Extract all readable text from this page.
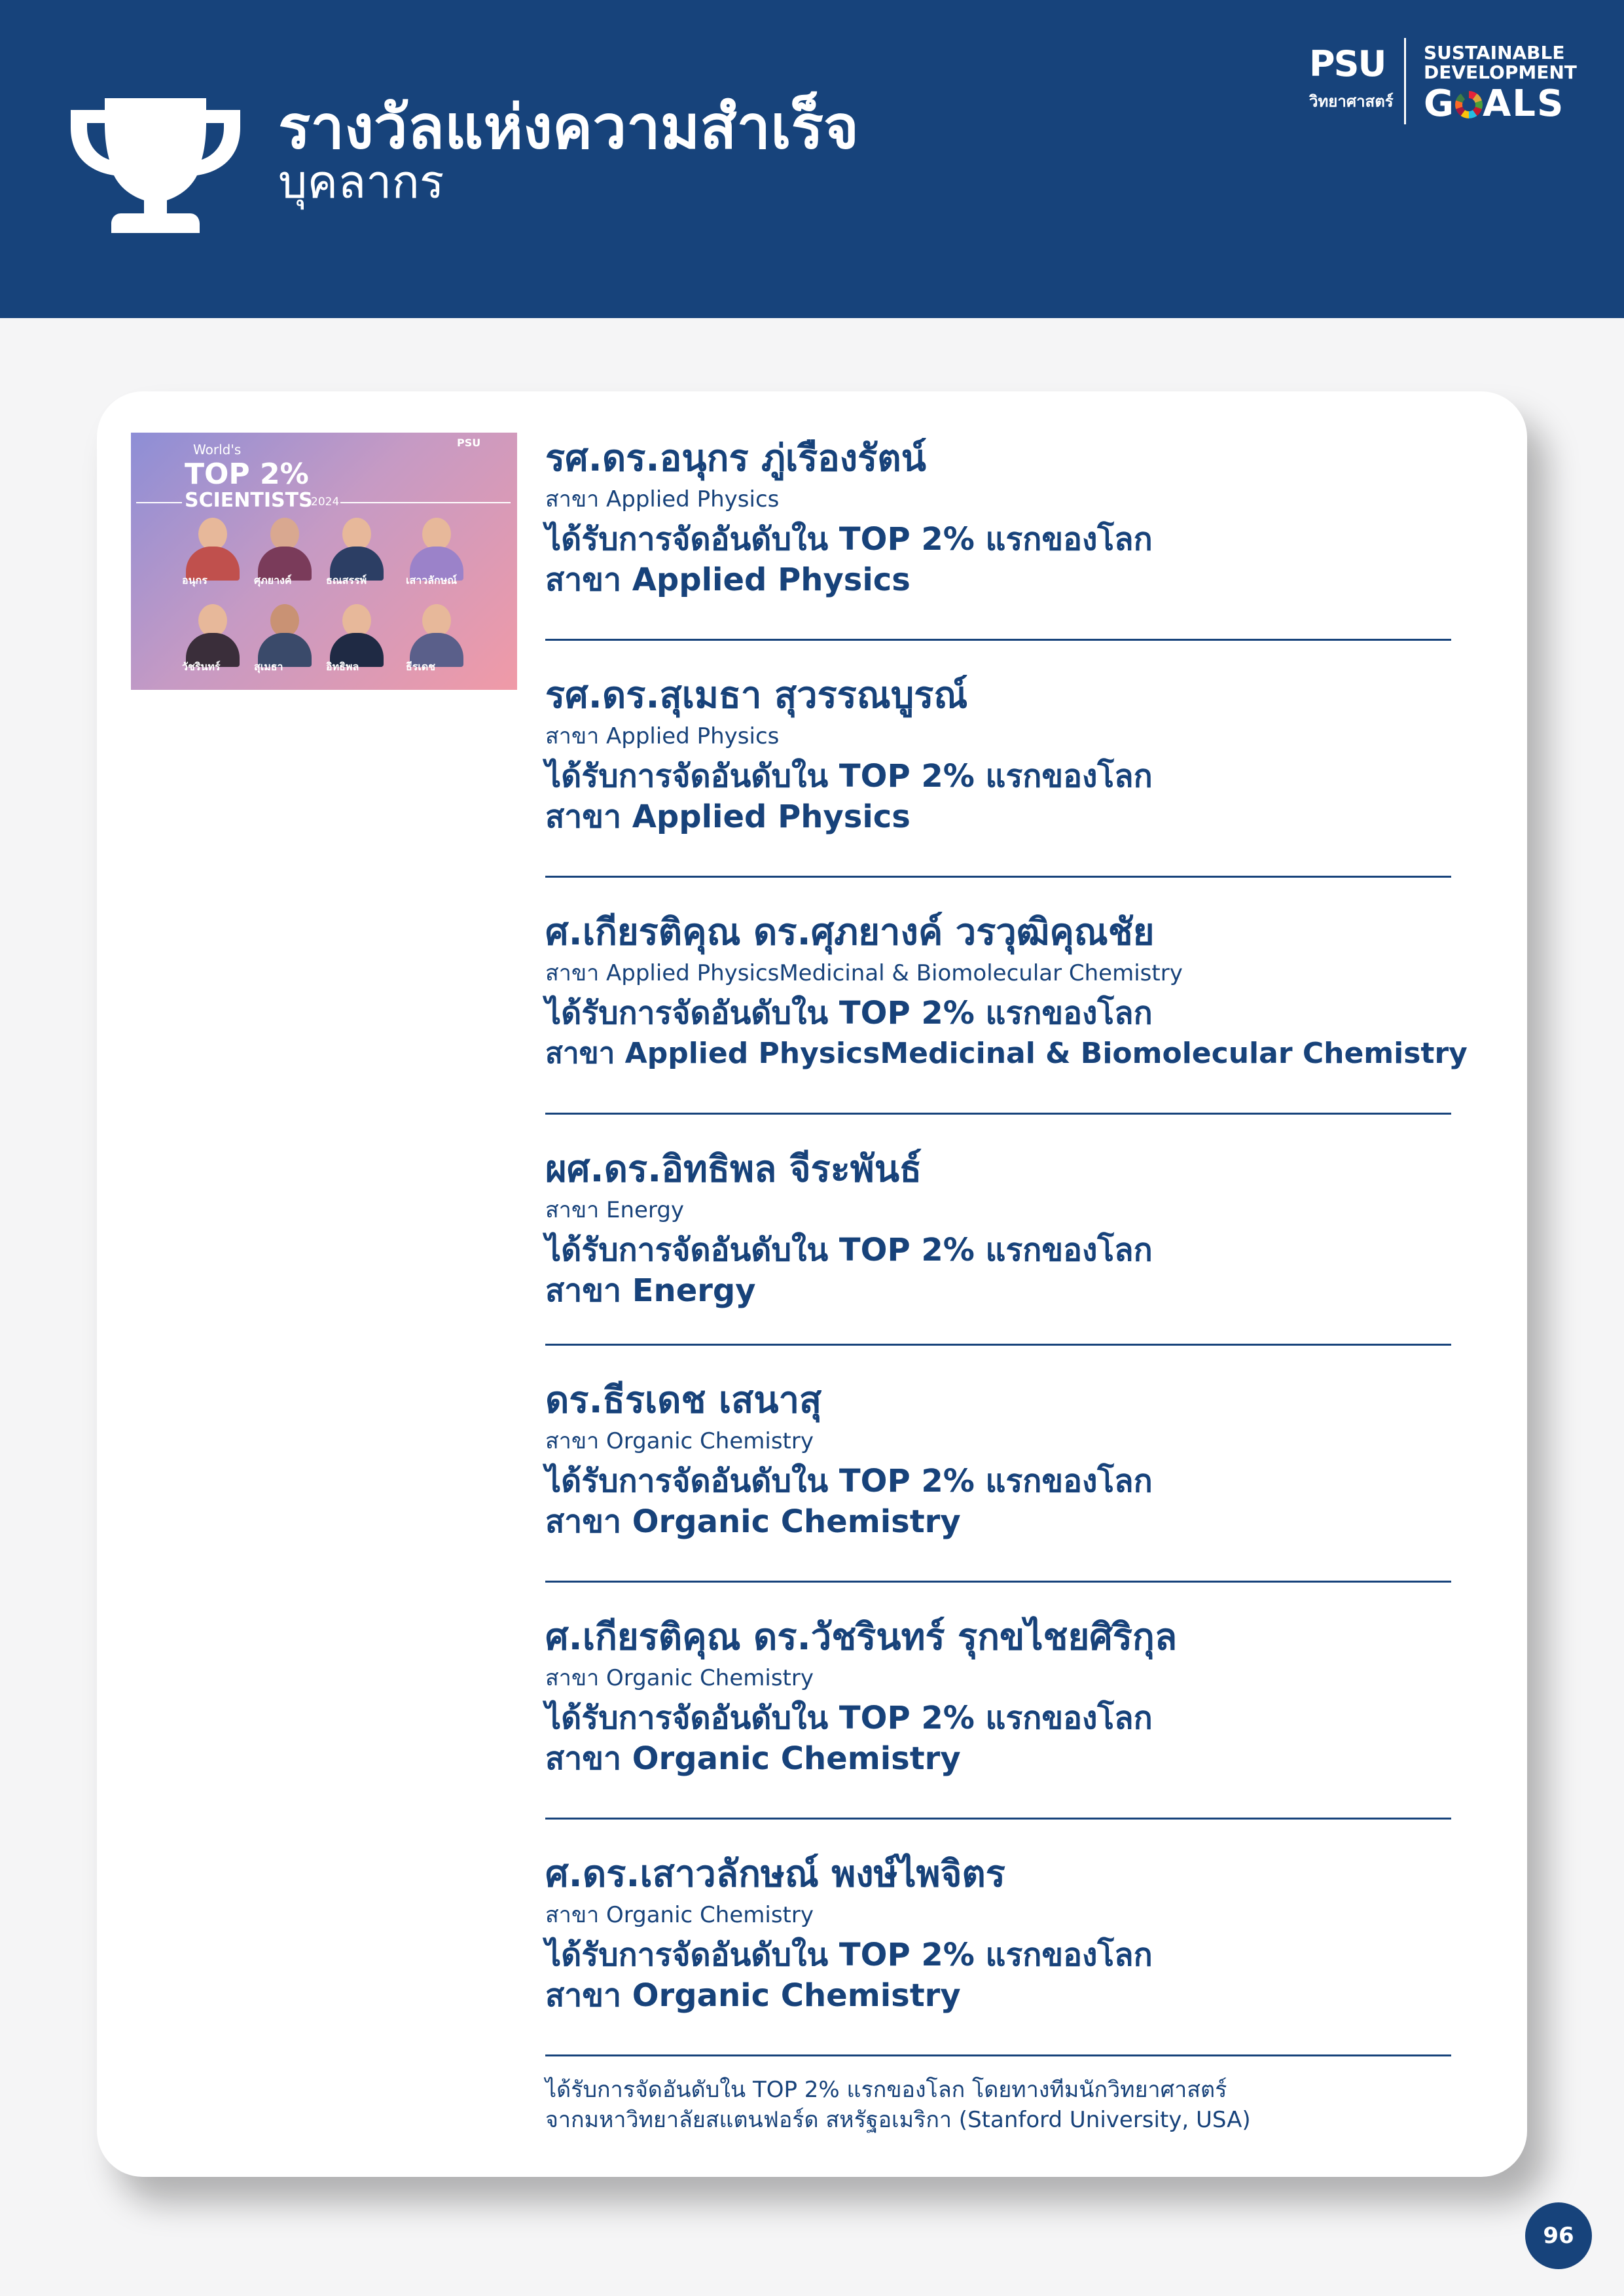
รางวัลแห่งความสำเร็จ
บุคลากร
PSU
วิทยาศาสตร์
SUSTAINABLE
DEVELOPMENT
G ALS
PSU
World's
TOP 2%
SCIENTISTS
2024
อนุกร	ศุภยางค์	ธณสรรพ์	เสาวลักษณ์
วัชรินทร์	สุเมธา	อิทธิพล	ธีรเดช
รศ.ดร.อนุกร ภู่เรืองรัตน์
สาขา Applied Physics
ได้รับการจัดอันดับใน TOP 2% แรกของโลก
สาขา Applied Physics
รศ.ดร.สุเมธา สุวรรณบูรณ์
สาขา Applied Physics
ได้รับการจัดอันดับใน TOP 2% แรกของโลก
สาขา Applied Physics
ศ.เกียรติคุณ ดร.ศุภยางค์ วรวุฒิคุณชัย
สาขา Applied PhysicsMedicinal & Biomolecular Chemistry
ได้รับการจัดอันดับใน TOP 2% แรกของโลก
สาขา Applied PhysicsMedicinal & Biomolecular Chemistry
ผศ.ดร.อิทธิพล จีระพันธ์
สาขา Energy
ได้รับการจัดอันดับใน TOP 2% แรกของโลก
สาขา Energy
ดร.ธีรเดช เสนาสุ
สาขา Organic Chemistry
ได้รับการจัดอันดับใน TOP 2% แรกของโลก
สาขา Organic Chemistry
ศ.เกียรติคุณ ดร.วัชรินทร์ รุกขไชยศิริกุล
สาขา Organic Chemistry
ได้รับการจัดอันดับใน TOP 2% แรกของโลก
สาขา Organic Chemistry
ศ.ดร.เสาวลักษณ์ พงษ์ไพจิตร
สาขา Organic Chemistry
ได้รับการจัดอันดับใน TOP 2% แรกของโลก
สาขา Organic Chemistry
ได้รับการจัดอันดับใน TOP 2% แรกของโลก โดยทางทีมนักวิทยาศาสตร์
จากมหาวิทยาลัยสแตนฟอร์ด สหรัฐอเมริกา (Stanford University, USA)
96
